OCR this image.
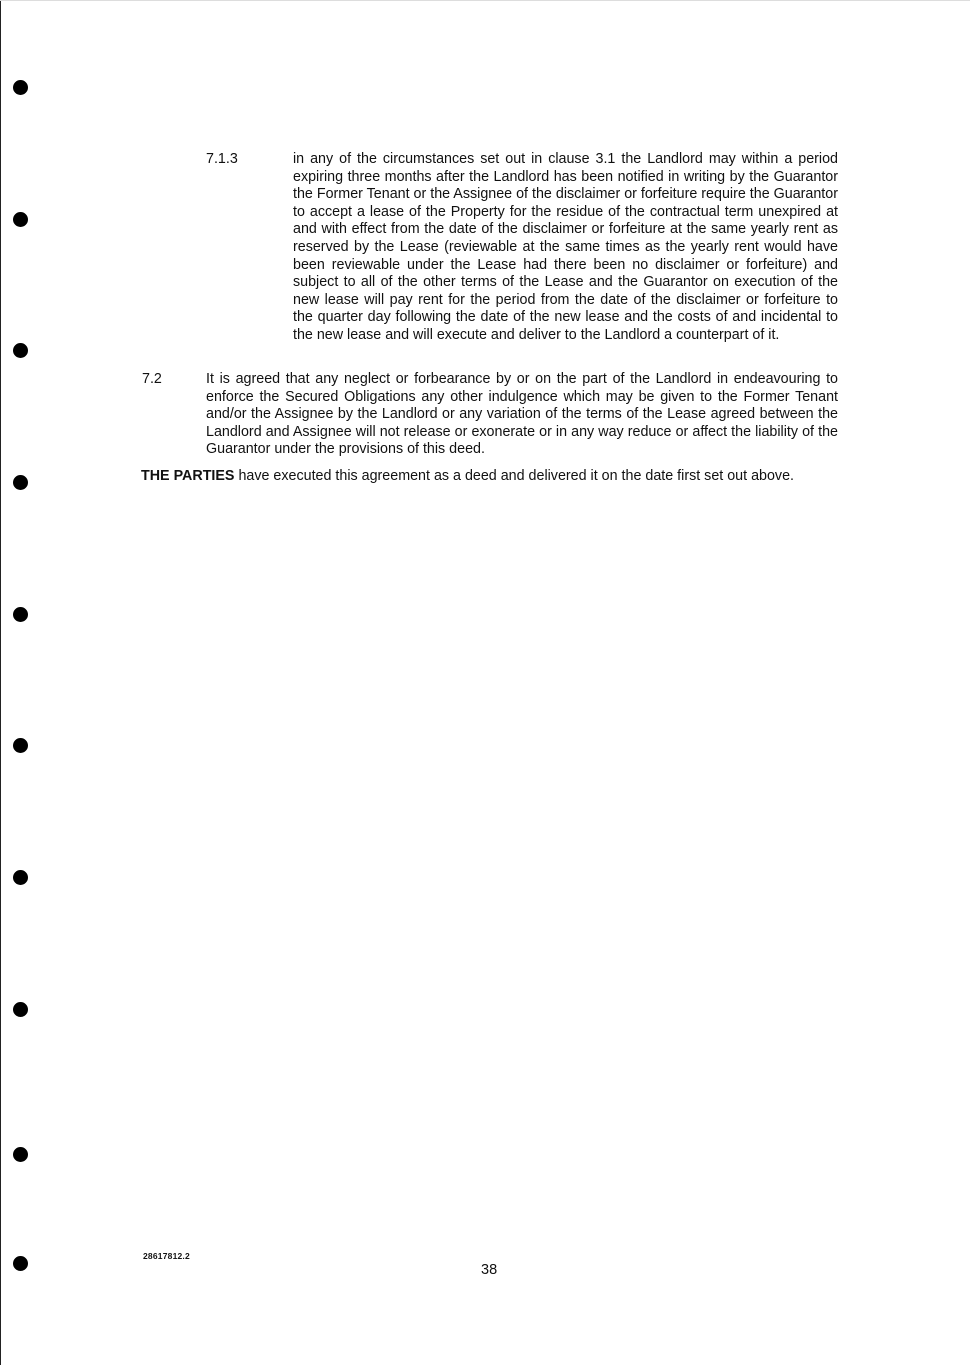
7.1.3	in any of the circumstances set out in clause 3.1 the Landlord may within a period expiring three months after the Landlord has been notified in writing by the Guarantor the Former Tenant or the Assignee of the disclaimer or forfeiture require the Guarantor to accept a lease of the Property for the residue of the contractual term unexpired at and with effect from the date of the disclaimer or forfeiture at the same yearly rent as reserved by the Lease (reviewable at the same times as the yearly rent would have been reviewable under the Lease had there been no disclaimer or forfeiture) and subject to all of the other terms of the Lease and the Guarantor on execution of the new lease will pay rent for the period from the date of the disclaimer or forfeiture to the quarter day following the date of the new lease and the costs of and incidental to the new lease and will execute and deliver to the Landlord a counterpart of it.
7.2	It is agreed that any neglect or forbearance by or on the part of the Landlord in endeavouring to enforce the Secured Obligations any other indulgence which may be given to the Former Tenant and/or the Assignee by the Landlord or any variation of the terms of the Lease agreed between the Landlord and Assignee will not release or exonerate or in any way reduce or affect the liability of the Guarantor under the provisions of this deed.
THE PARTIES have executed this agreement as a deed and delivered it on the date first set out above.
28617812.2
38
